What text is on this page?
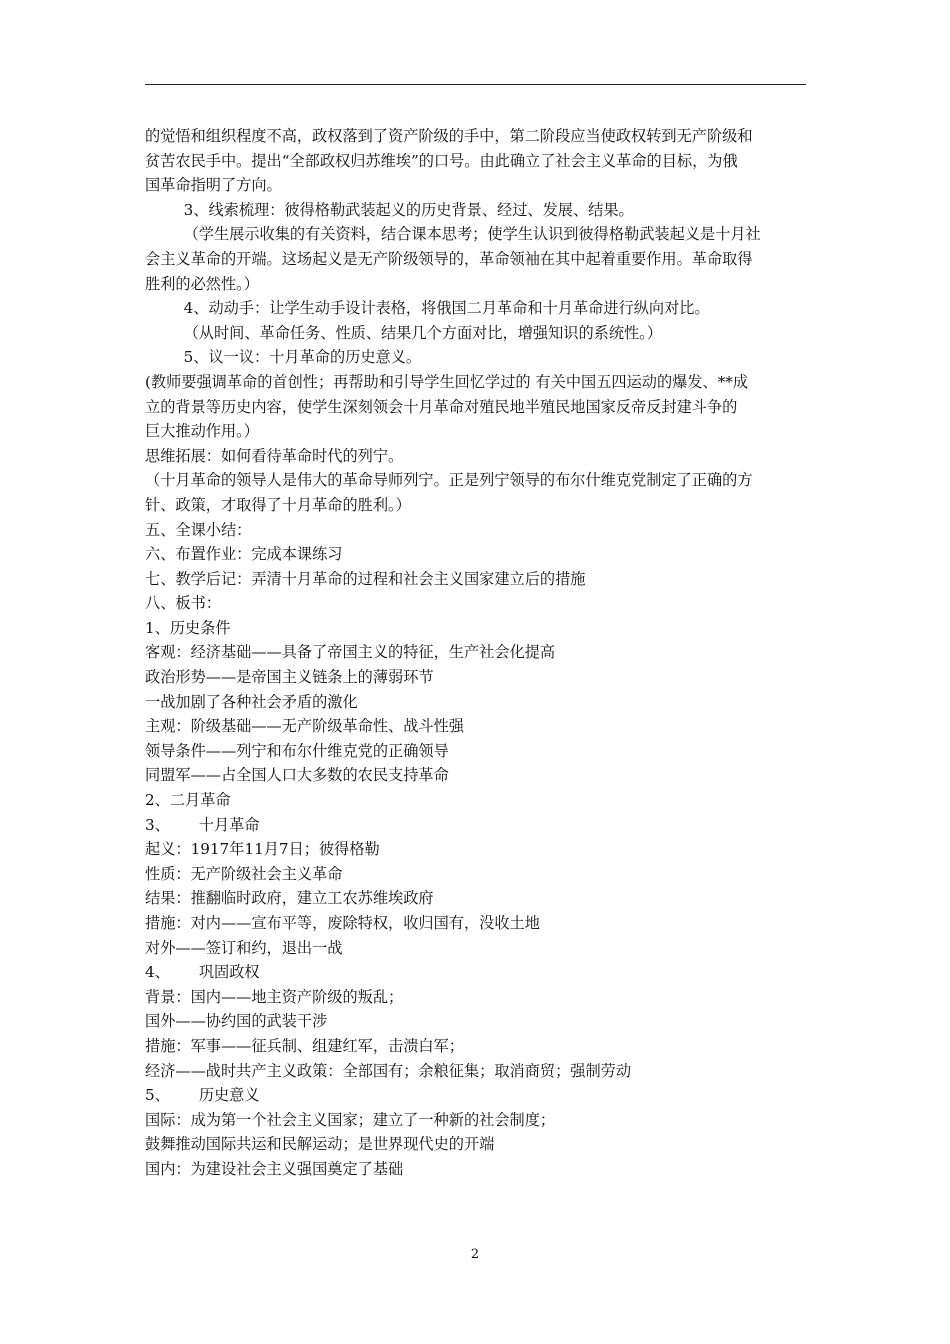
的觉悟和组织程度不高，政权落到了资产阶级的手中，第二阶段应当使政权转到无产阶级和
贫苦农民手中。提出“全部政权归苏维埃”的口号。由此确立了社会主义革命的目标，为俄
国革命指明了方向。
3、线索梳理：彼得格勒武装起义的历史背景、经过、发展、结果。
（学生展示收集的有关资料，结合课本思考；使学生认识到彼得格勒武装起义是十月社
会主义革命的开端。这场起义是无产阶级领导的，革命领袖在其中起着重要作用。革命取得
胜利的必然性。）
4、动动手：让学生动手设计表格，将俄国二月革命和十月革命进行纵向对比。
（从时间、革命任务、性质、结果几个方面对比，增强知识的系统性。）
5、议一议：十月革命的历史意义。
(教师要强调革命的首创性；再帮助和引导学生回忆学过的 有关中国五四运动的爆发、**成
立的背景等历史内容，使学生深刻领会十月革命对殖民地半殖民地国家反帝反封建斗争的
巨大推动作用。）
思维拓展：如何看待革命时代的列宁。
（十月革命的领导人是伟大的革命导师列宁。正是列宁领导的布尔什维克党制定了正确的方
针、政策，才取得了十月革命的胜利。）
五、全课小结：
六、布置作业：完成本课练习
七、教学后记：弄清十月革命的过程和社会主义国家建立后的措施
八、板书：
1、历史条件
客观：经济基础——具备了帝国主义的特征，生产社会化提高
政治形势——是帝国主义链条上的薄弱环节
一战加剧了各种社会矛盾的激化
主观：阶级基础——无产阶级革命性、战斗性强
领导条件——列宁和布尔什维克党的正确领导
同盟军——占全国人口大多数的农民支持革命
2、二月革命
3、      十月革命
起义：1917年11月7日；彼得格勒
性质：无产阶级社会主义革命
结果：推翻临时政府，建立工农苏维埃政府
措施：对内——宣布平等，废除特权，收归国有，没收土地
对外——签订和约，退出一战
4、      巩固政权
背景：国内——地主资产阶级的叛乱；
国外——协约国的武装干涉
措施：军事——征兵制、组建红军，击溃白军；
经济——战时共产主义政策：全部国有；余粮征集；取消商贸；强制劳动
5、      历史意义
国际：成为第一个社会主义国家；建立了一种新的社会制度；
鼓舞推动国际共运和民解运动；是世界现代史的开端
国内：为建设社会主义强国奠定了基础
2
